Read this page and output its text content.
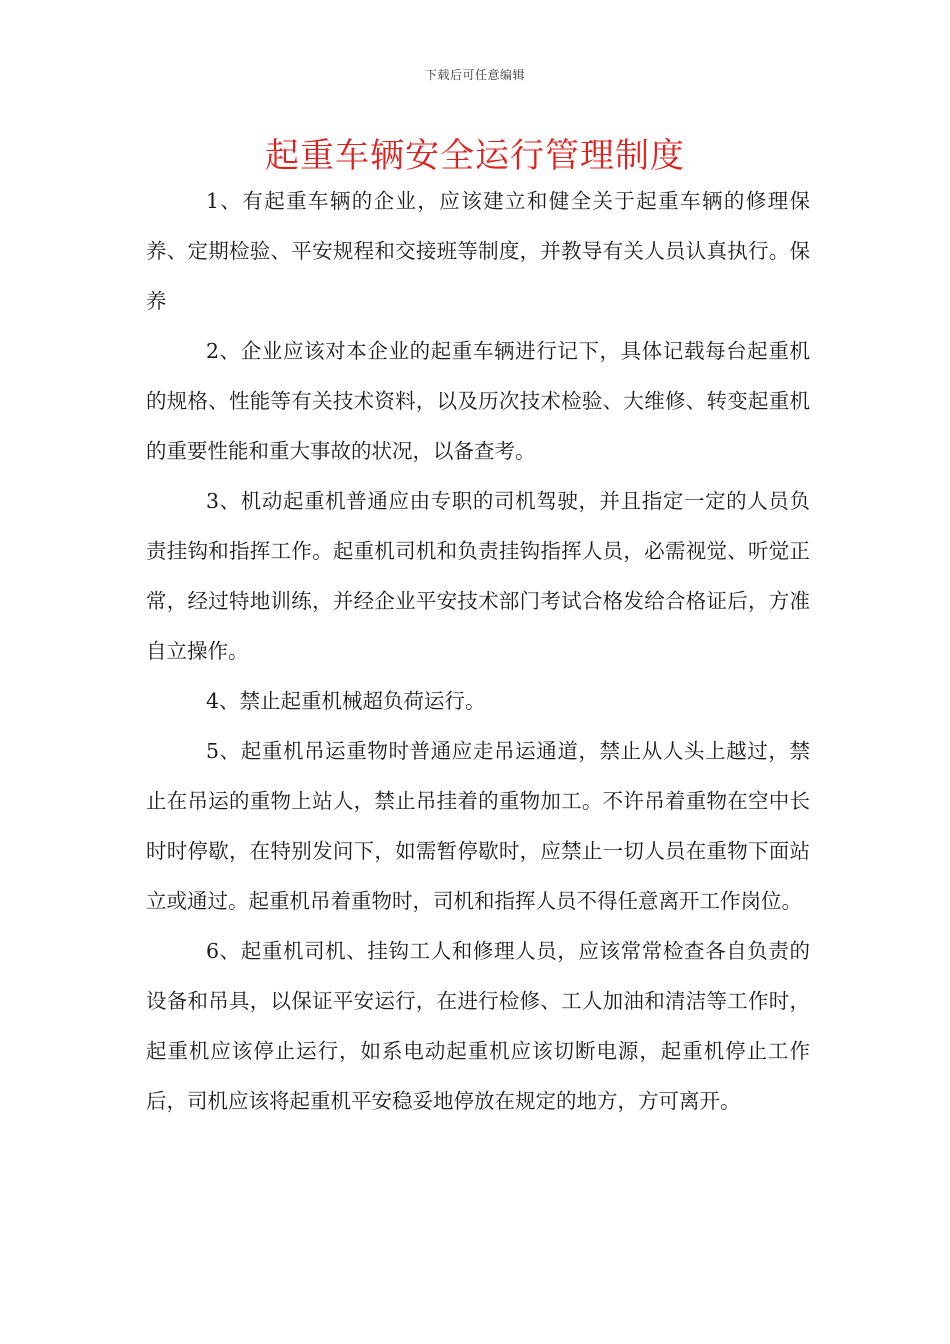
下载后可任意编辑
起重车辆安全运行管理制度

1、有起重车辆的企业，应该建立和健全关于起重车辆的修理保养、定期检验、平安规程和交接班等制度，并教导有关人员认真执行。保养

2、企业应该对本企业的起重车辆进行记下，具体记载每台起重机的规格、性能等有关技术资料，以及历次技术检验、大维修、转变起重机的重要性能和重大事故的状况，以备查考。

3、机动起重机普通应由专职的司机驾驶，并且指定一定的人员负责挂钩和指挥工作。起重机司机和负责挂钩指挥人员，必需视觉、听觉正常，经过特地训练，并经企业平安技术部门考试合格发给合格证后，方准自立操作。

4、禁止起重机械超负荷运行。

5、起重机吊运重物时普通应走吊运通道，禁止从人头上越过，禁止在吊运的重物上站人，禁止吊挂着的重物加工。不许吊着重物在空中长时时停歇，在特别发问下，如需暂停歇时，应禁止一切人员在重物下面站立或通过。起重机吊着重物时，司机和指挥人员不得任意离开工作岗位。

6、起重机司机、挂钩工人和修理人员，应该常常检查各自负责的设备和吊具，以保证平安运行，在进行检修、工人加油和清洁等工作时，起重机应该停止运行，如系电动起重机应该切断电源，起重机停止工作后，司机应该将起重机平安稳妥地停放在规定的地方，方可离开。
